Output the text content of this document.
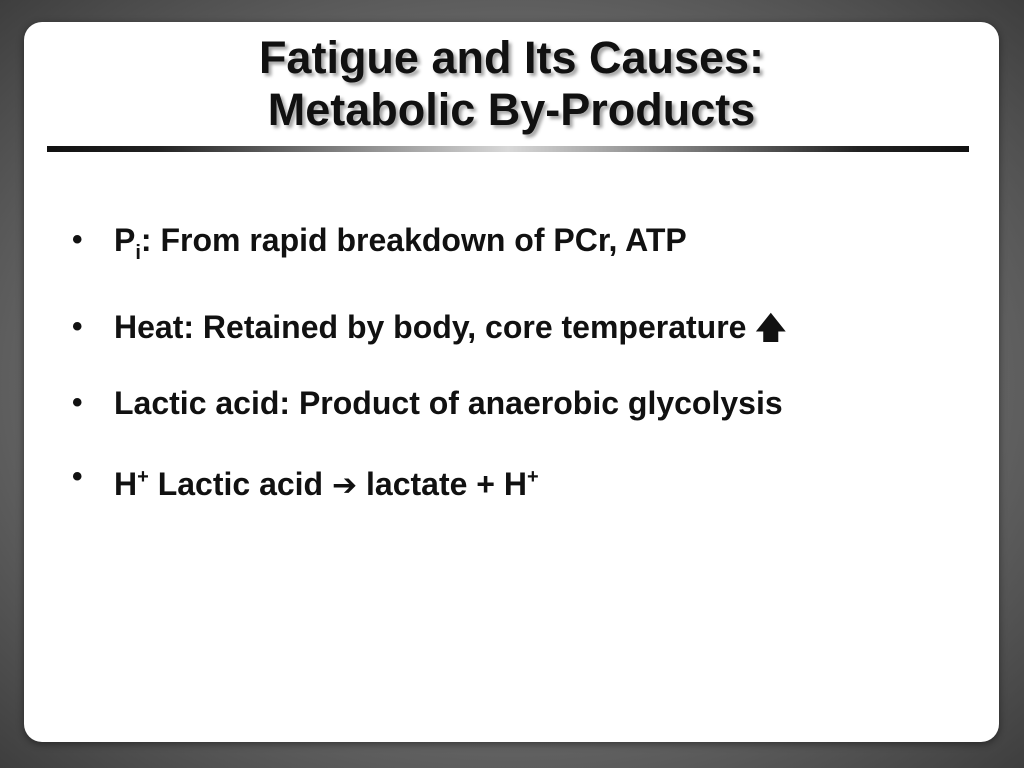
Fatigue and Its Causes:
Metabolic By-Products
• $P_i$: From rapid breakdown of PCr, ATP
• Heat: Retained by body, core temperature 🡅
• Lactic acid: Product of anaerobic glycolysis
• H+ Lactic acid ➔ lactate + H+
